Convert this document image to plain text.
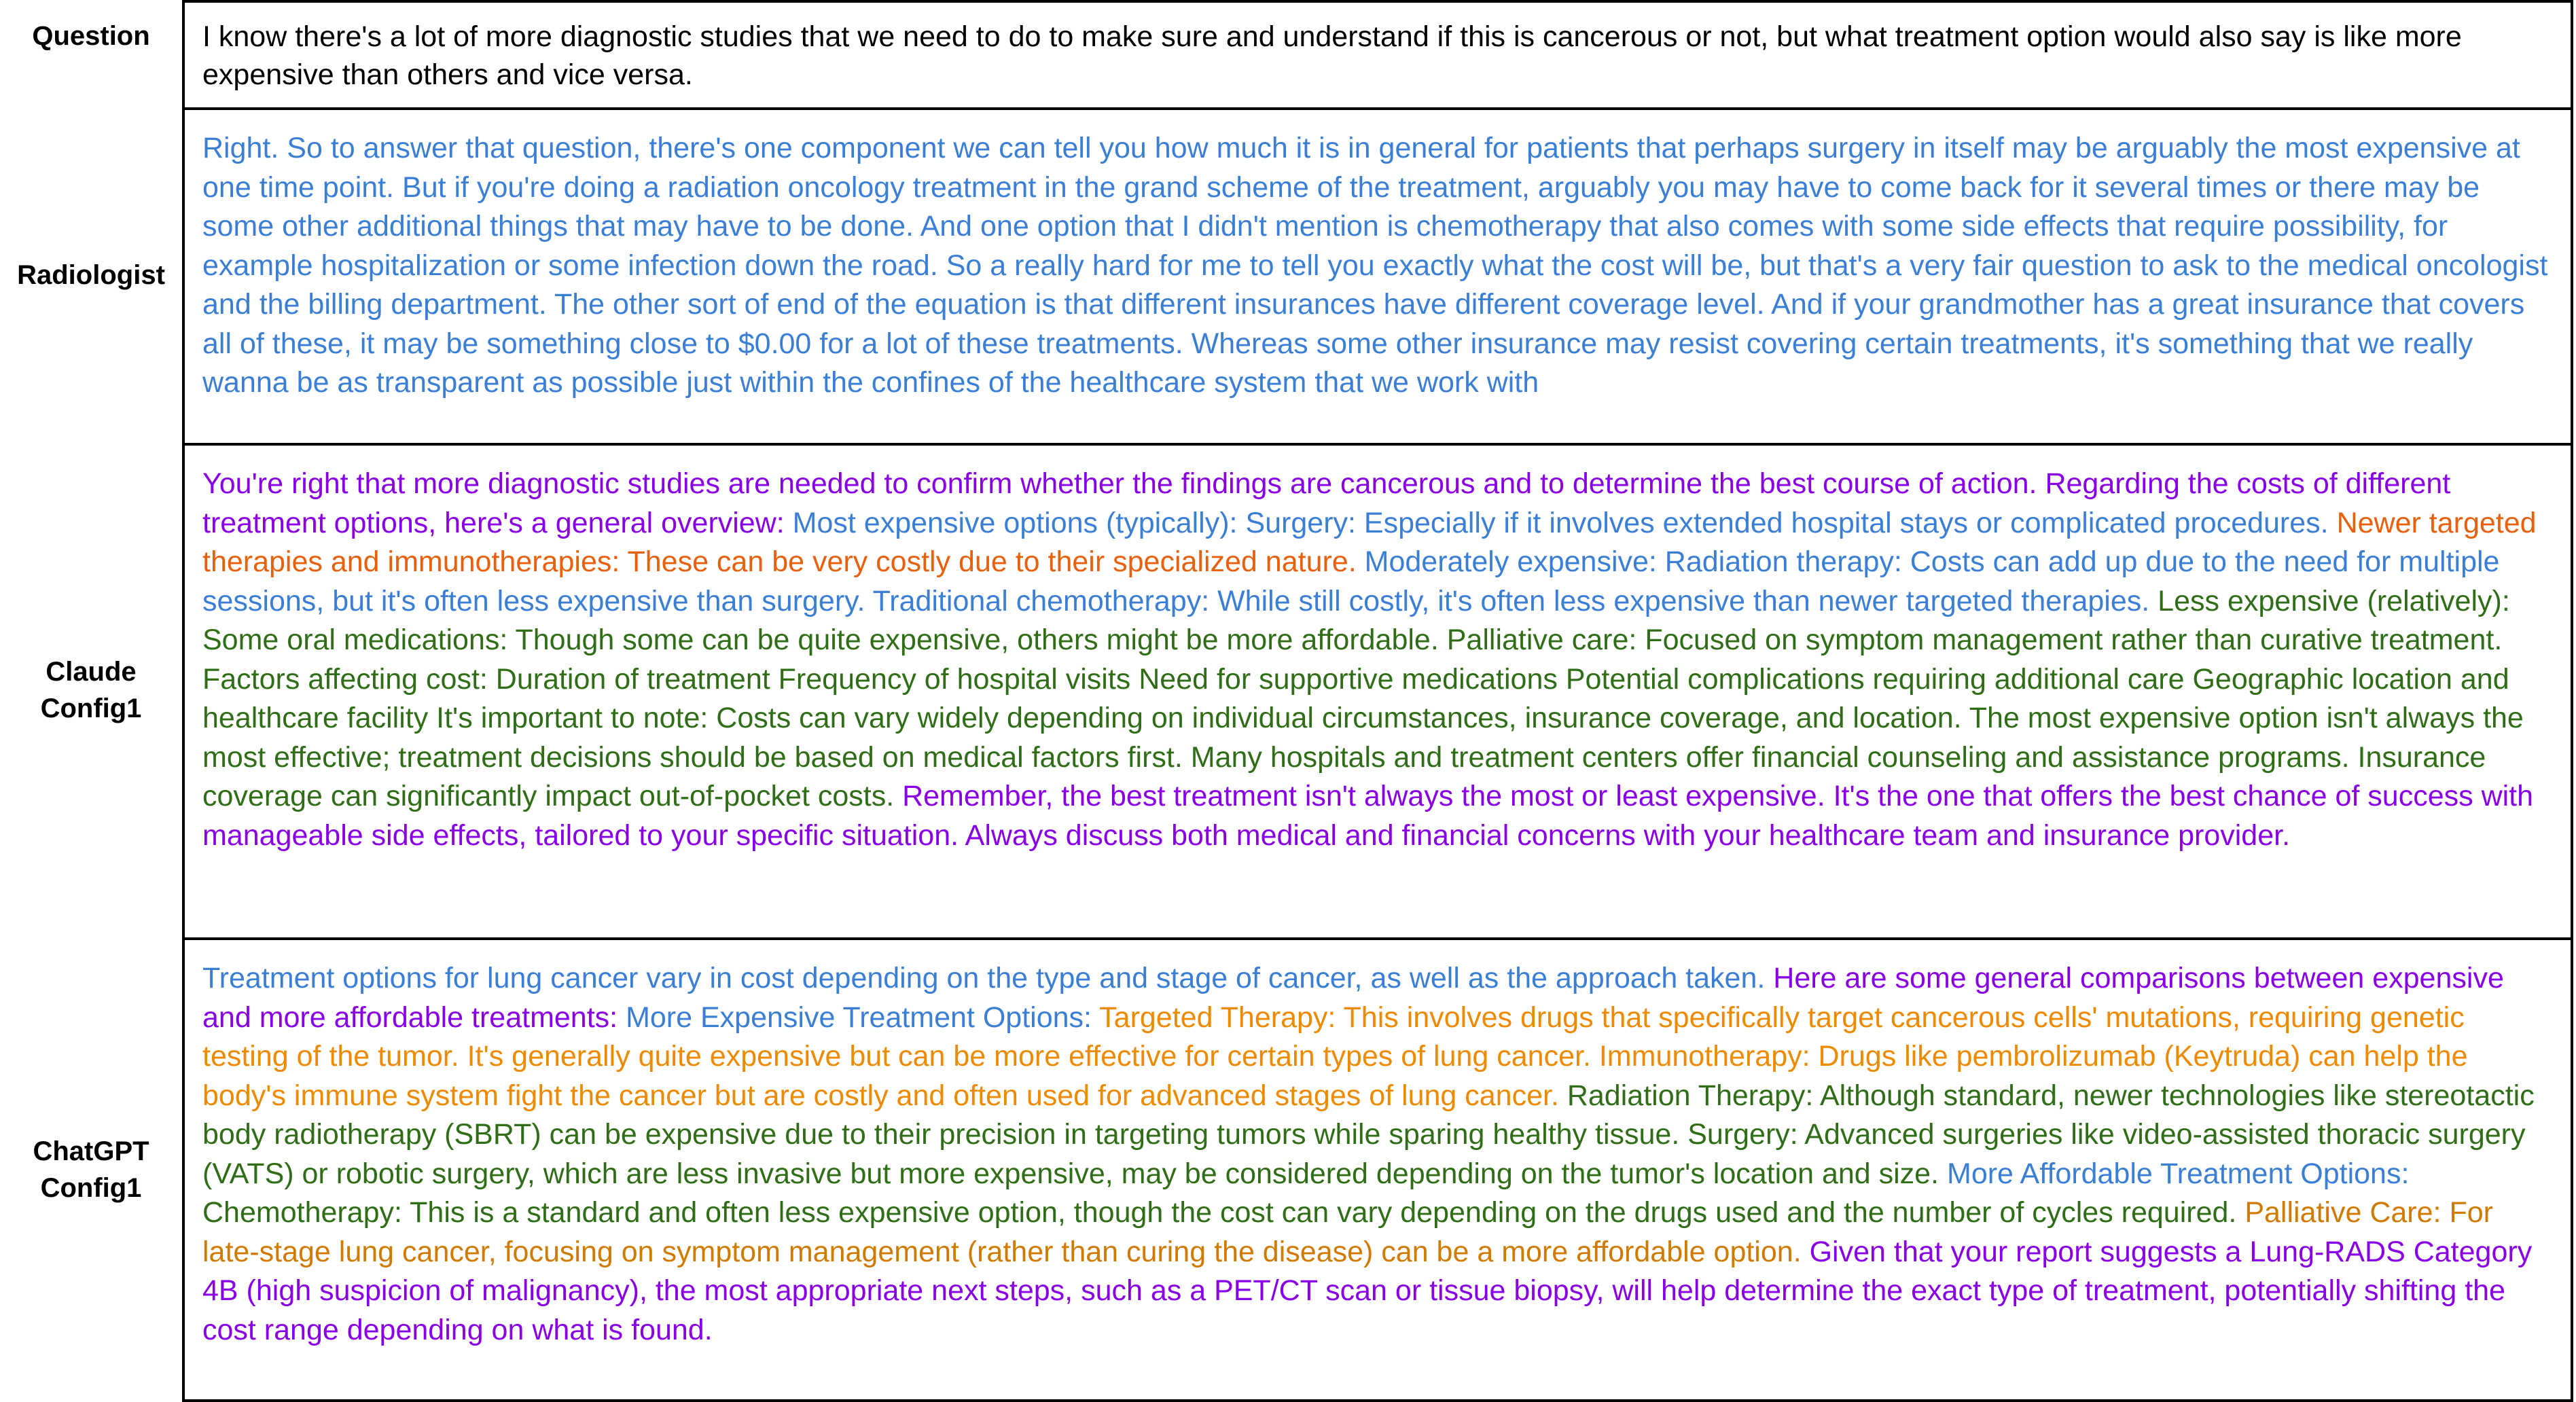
Question	I know there's a lot of more diagnostic studies that we need to do to make sure and understand if this is cancerous or not, but what treatment option would also say is like more expensive than others and vice versa.
Radiologist
Right. So to answer that question, there's one component we can tell you how much it is in general for patients that perhaps surgery in itself may be arguably the most expensive at one time point. But if you're doing a radiation oncology treatment in the grand scheme of the treatment, arguably you may have to come back for it several times or there may be some other additional things that may have to be done. And one option that I didn't mention is chemotherapy that also comes with some side effects that require possibility, for example hospitalization or some infection down the road. So a really hard for me to tell you exactly what the cost will be, but that's a very fair question to ask to the medical oncologist and the billing department. The other sort of end of the equation is that different insurances have different coverage level. And if your grandmother has a great insurance that covers all of these, it may be something close to $0.00 for a lot of these treatments. Whereas some other insurance may resist covering certain treatments, it's something that we really wanna be as transparent as possible just within the confines of the healthcare system that we work with
Claude
Config1
You're right that more diagnostic studies are needed to confirm whether the findings are cancerous and to determine the best course of action. Regarding the costs of different treatment options, here's a general overview: Most expensive options (typically): Surgery: Especially if it involves extended hospital stays or complicated procedures. Newer targeted therapies and immunotherapies: These can be very costly due to their specialized nature. Moderately expensive: Radiation therapy: Costs can add up due to the need for multiple sessions, but it's often less expensive than surgery. Traditional chemotherapy: While still costly, it's often less expensive than newer targeted therapies. Less expensive (relatively): Some oral medications: Though some can be quite expensive, others might be more affordable. Palliative care: Focused on symptom management rather than curative treatment. Factors affecting cost: Duration of treatment Frequency of hospital visits Need for supportive medications Potential complications requiring additional care Geographic location and healthcare facility It's important to note: Costs can vary widely depending on individual circumstances, insurance coverage, and location. The most expensive option isn't always the most effective; treatment decisions should be based on medical factors first. Many hospitals and treatment centers offer financial counseling and assistance programs. Insurance coverage can significantly impact out-of-pocket costs. Remember, the best treatment isn't always the most or least expensive. It's the one that offers the best chance of success with manageable side effects, tailored to your specific situation. Always discuss both medical and financial concerns with your healthcare team and insurance provider.
ChatGPT
Config1
Treatment options for lung cancer vary in cost depending on the type and stage of cancer, as well as the approach taken. Here are some general comparisons between expensive and more affordable treatments: More Expensive Treatment Options: Targeted Therapy: This involves drugs that specifically target cancerous cells' mutations, requiring genetic testing of the tumor. It's generally quite expensive but can be more effective for certain types of lung cancer. Immunotherapy: Drugs like pembrolizumab (Keytruda) can help the body's immune system fight the cancer but are costly and often used for advanced stages of lung cancer. Radiation Therapy: Although standard, newer technologies like stereotactic body radiotherapy (SBRT) can be expensive due to their precision in targeting tumors while sparing healthy tissue. Surgery: Advanced surgeries like video-assisted thoracic surgery (VATS) or robotic surgery, which are less invasive but more expensive, may be considered depending on the tumor's location and size. More Affordable Treatment Options: Chemotherapy: This is a standard and often less expensive option, though the cost can vary depending on the drugs used and the number of cycles required. Palliative Care: For late-stage lung cancer, focusing on symptom management (rather than curing the disease) can be a more affordable option. Given that your report suggests a Lung-RADS Category 4B (high suspicion of malignancy), the most appropriate next steps, such as a PET/CT scan or tissue biopsy, will help determine the exact type of treatment, potentially shifting the cost range depending on what is found.
